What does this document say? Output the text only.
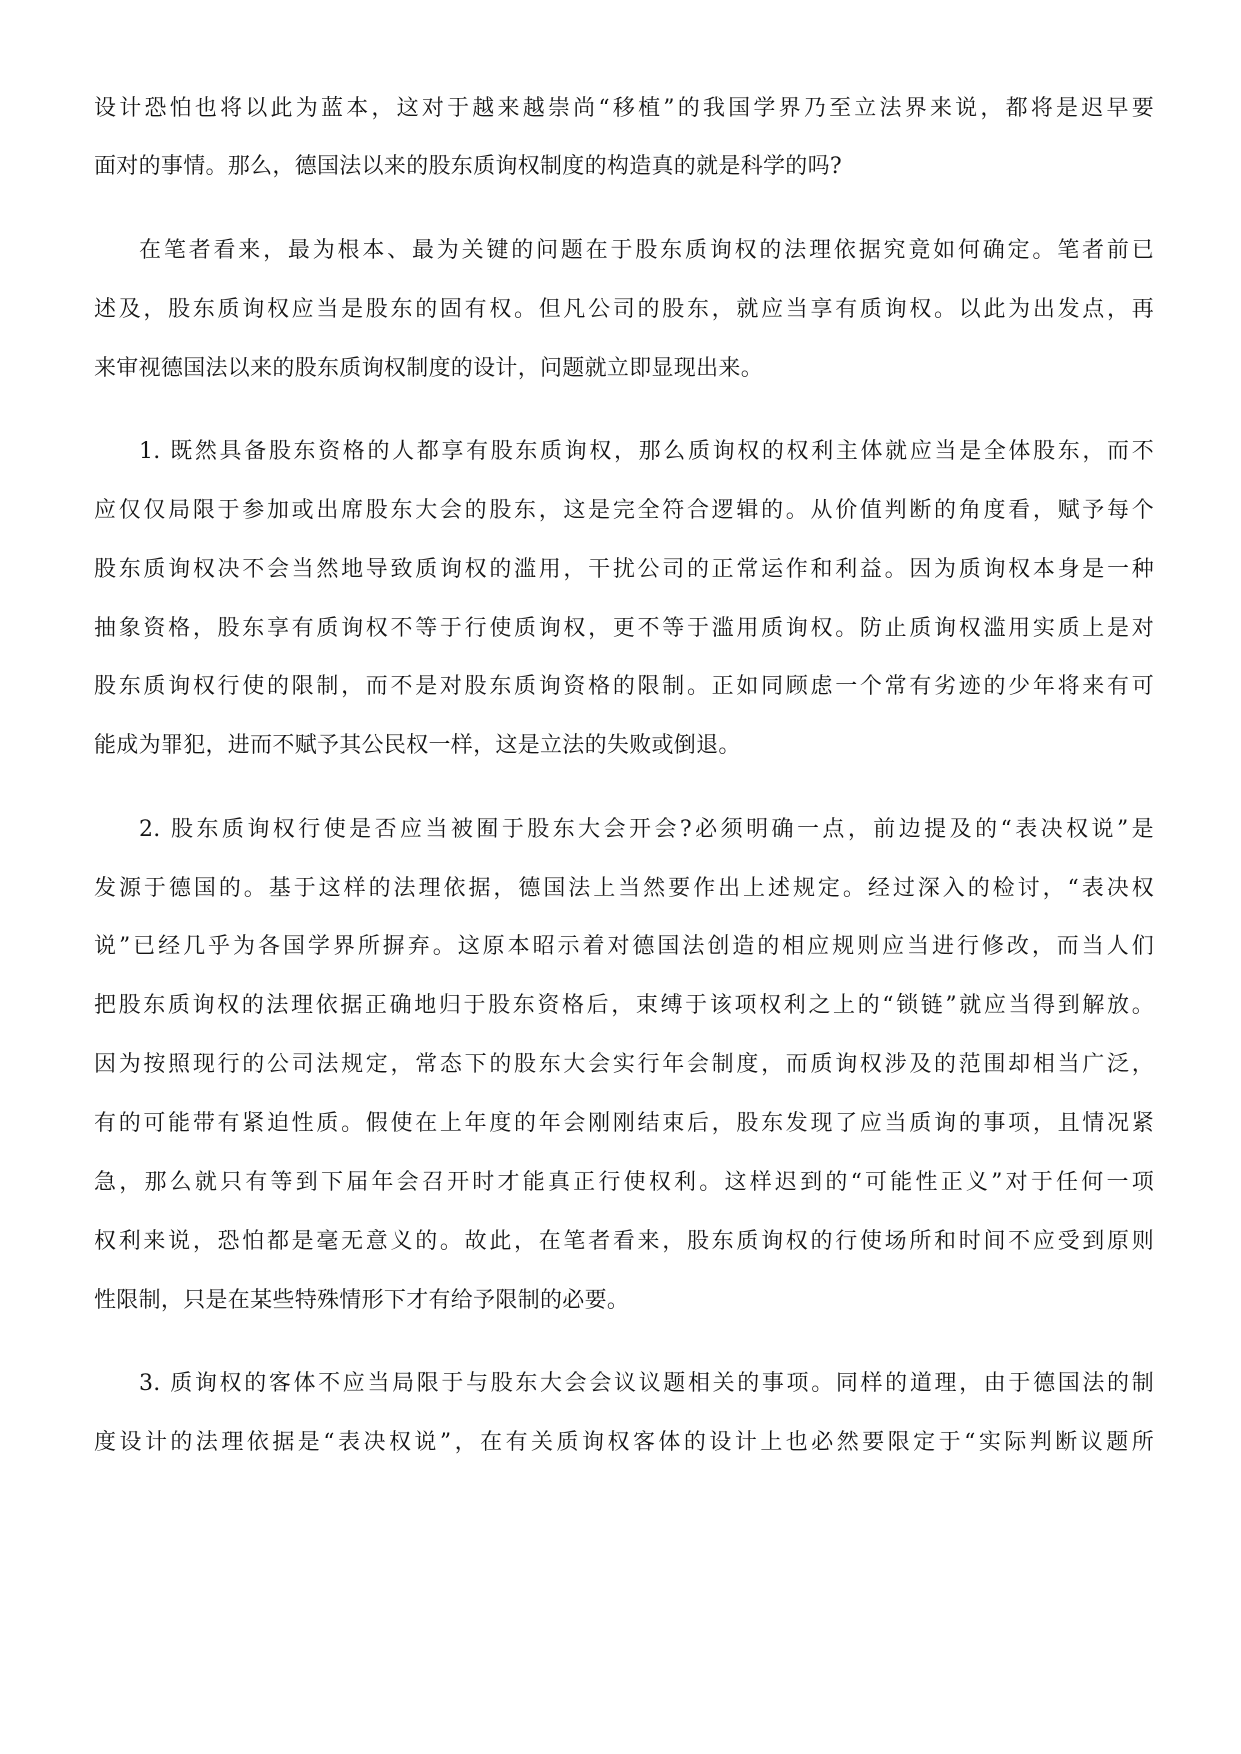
设计恐怕也将以此为蓝本，这对于越来越崇尚“移植”的我国学界乃至立法界来说，都将是迟早要
面对的事情。那么，德国法以来的股东质询权制度的构造真的就是科学的吗?
在笔者看来，最为根本、最为关键的问题在于股东质询权的法理依据究竟如何确定。笔者前已
述及，股东质询权应当是股东的固有权。但凡公司的股东，就应当享有质询权。以此为出发点，再
来审视德国法以来的股东质询权制度的设计，问题就立即显现出来。
1. 既然具备股东资格的人都享有股东质询权，那么质询权的权利主体就应当是全体股东，而不
应仅仅局限于参加或出席股东大会的股东，这是完全符合逻辑的。从价值判断的角度看，赋予每个
股东质询权决不会当然地导致质询权的滥用，干扰公司的正常运作和利益。因为质询权本身是一种
抽象资格，股东享有质询权不等于行使质询权，更不等于滥用质询权。防止质询权滥用实质上是对
股东质询权行使的限制，而不是对股东质询资格的限制。正如同顾虑一个常有劣迹的少年将来有可
能成为罪犯，进而不赋予其公民权一样，这是立法的失败或倒退。
2. 股东质询权行使是否应当被囿于股东大会开会?必须明确一点，前边提及的“表决权说”是
发源于德国的。基于这样的法理依据，德国法上当然要作出上述规定。经过深入的检讨，“表决权
说”已经几乎为各国学界所摒弃。这原本昭示着对德国法创造的相应规则应当进行修改，而当人们
把股东质询权的法理依据正确地归于股东资格后，束缚于该项权利之上的“锁链”就应当得到解放。
因为按照现行的公司法规定，常态下的股东大会实行年会制度，而质询权涉及的范围却相当广泛，
有的可能带有紧迫性质。假使在上年度的年会刚刚结束后，股东发现了应当质询的事项，且情况紧
急，那么就只有等到下届年会召开时才能真正行使权利。这样迟到的“可能性正义”对于任何一项
权利来说，恐怕都是毫无意义的。故此，在笔者看来，股东质询权的行使场所和时间不应受到原则
性限制，只是在某些特殊情形下才有给予限制的必要。
3. 质询权的客体不应当局限于与股东大会会议议题相关的事项。同样的道理，由于德国法的制
度设计的法理依据是“表决权说”，在有关质询权客体的设计上也必然要限定于“实际判断议题所
